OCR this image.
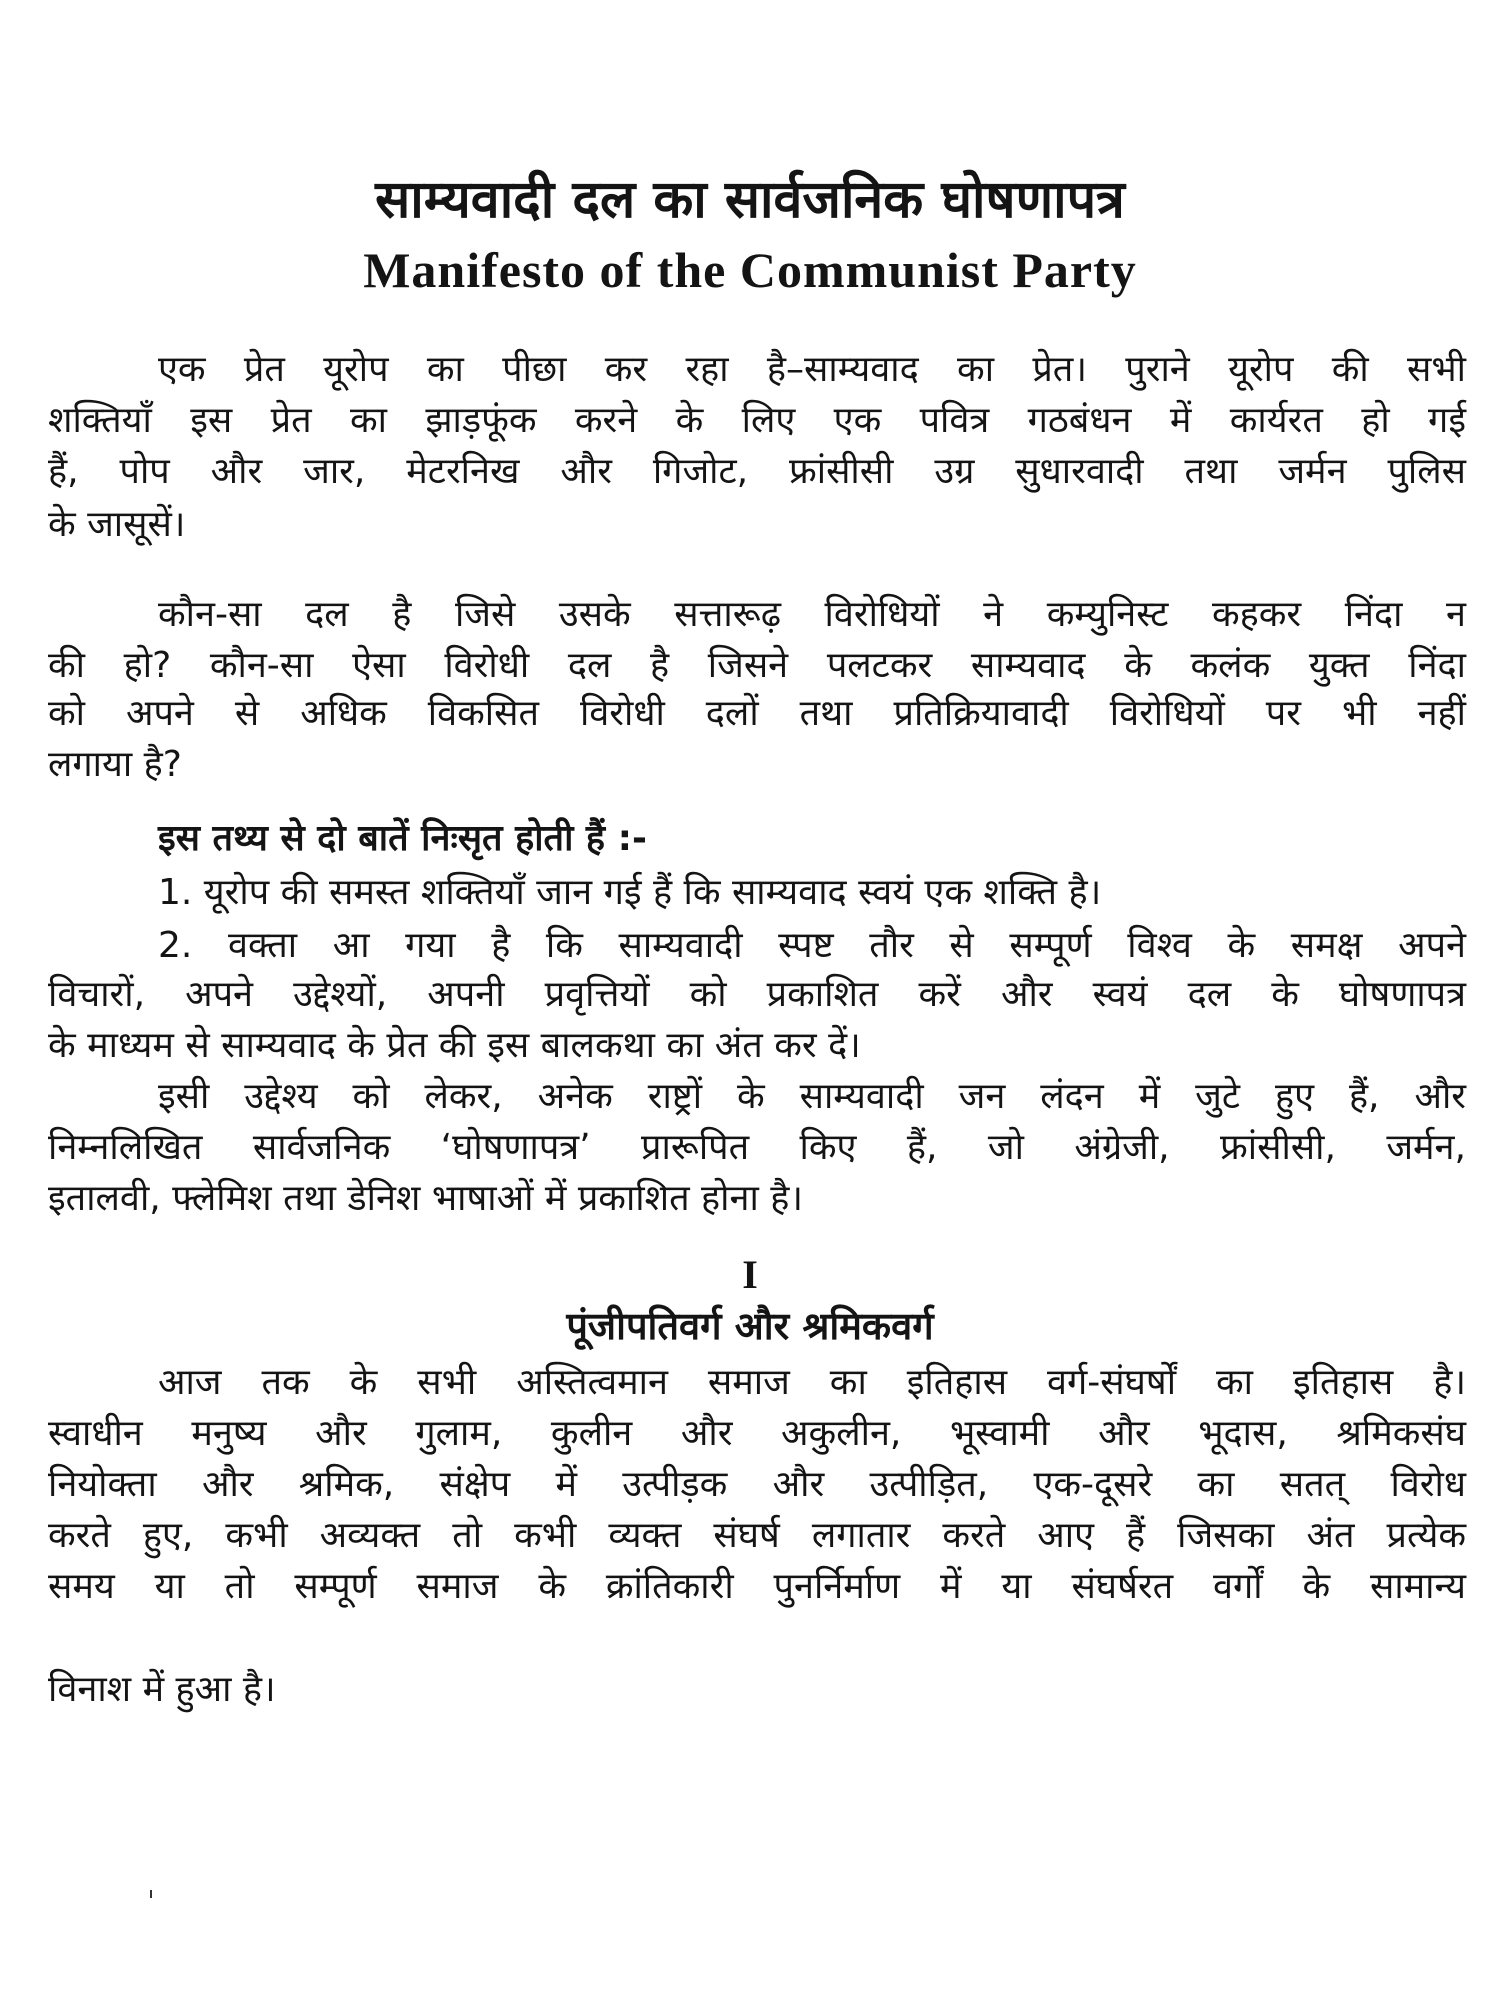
साम्यवादी दल का सार्वजनिक घोषणापत्र
Manifesto of the Communist Party
एक प्रेत यूरोप का पीछा कर रहा है–साम्यवाद का प्रेत। पुराने यूरोप की सभी
शक्तियाँ इस प्रेत का झाड़फूंक करने के लिए एक पवित्र गठबंधन में कार्यरत हो गई
हैं, पोप और जार, मेटरनिख और गिजोट, फ्रांसीसी उग्र सुधारवादी तथा जर्मन पुलिस
के जासूसें।
कौन-सा दल है जिसे उसके सत्तारूढ़ विरोधियों ने कम्युनिस्ट कहकर निंदा न
की हो? कौन-सा ऐसा विरोधी दल है जिसने पलटकर साम्यवाद के कलंक युक्त निंदा
को अपने से अधिक विकसित विरोधी दलों तथा प्रतिक्रियावादी विरोधियों पर भी नहीं
लगाया है?
इस तथ्य से दो बातें निःसृत होती हैं :-
1. यूरोप की समस्त शक्तियाँ जान गई हैं कि साम्यवाद स्वयं एक शक्ति है।
2. वक्ता आ गया है कि साम्यवादी स्पष्ट तौर से सम्पूर्ण विश्व के समक्ष अपने
विचारों, अपने उद्देश्यों, अपनी प्रवृत्तियों को प्रकाशित करें और स्वयं दल के घोषणापत्र
के माध्यम से साम्यवाद के प्रेत की इस बालकथा का अंत कर दें।
इसी उद्देश्य को लेकर, अनेक राष्ट्रों के साम्यवादी जन लंदन में जुटे हुए हैं, और
निम्नलिखित सार्वजनिक ‘घोषणापत्र’ प्रारूपित किए हैं, जो अंग्रेजी, फ्रांसीसी, जर्मन,
इतालवी, फ्लेमिश तथा डेनिश भाषाओं में प्रकाशित होना है।
I
पूंजीपतिवर्ग और श्रमिकवर्ग
आज तक के सभी अस्तित्वमान समाज का इतिहास वर्ग-संघर्षों का इतिहास है।
स्वाधीन मनुष्य और गुलाम, कुलीन और अकुलीन, भूस्वामी और भूदास, श्रमिकसंघ
नियोक्ता और श्रमिक, संक्षेप में उत्पीड़क और उत्पीड़ित, एक-दूसरे का सतत् विरोध
करते हुए, कभी अव्यक्त तो कभी व्यक्त संघर्ष लगातार करते आए हैं जिसका अंत प्रत्येक
समय या तो सम्पूर्ण समाज के क्रांतिकारी पुनर्निर्माण में या संघर्षरत वर्गों के सामान्य
विनाश में हुआ है।
